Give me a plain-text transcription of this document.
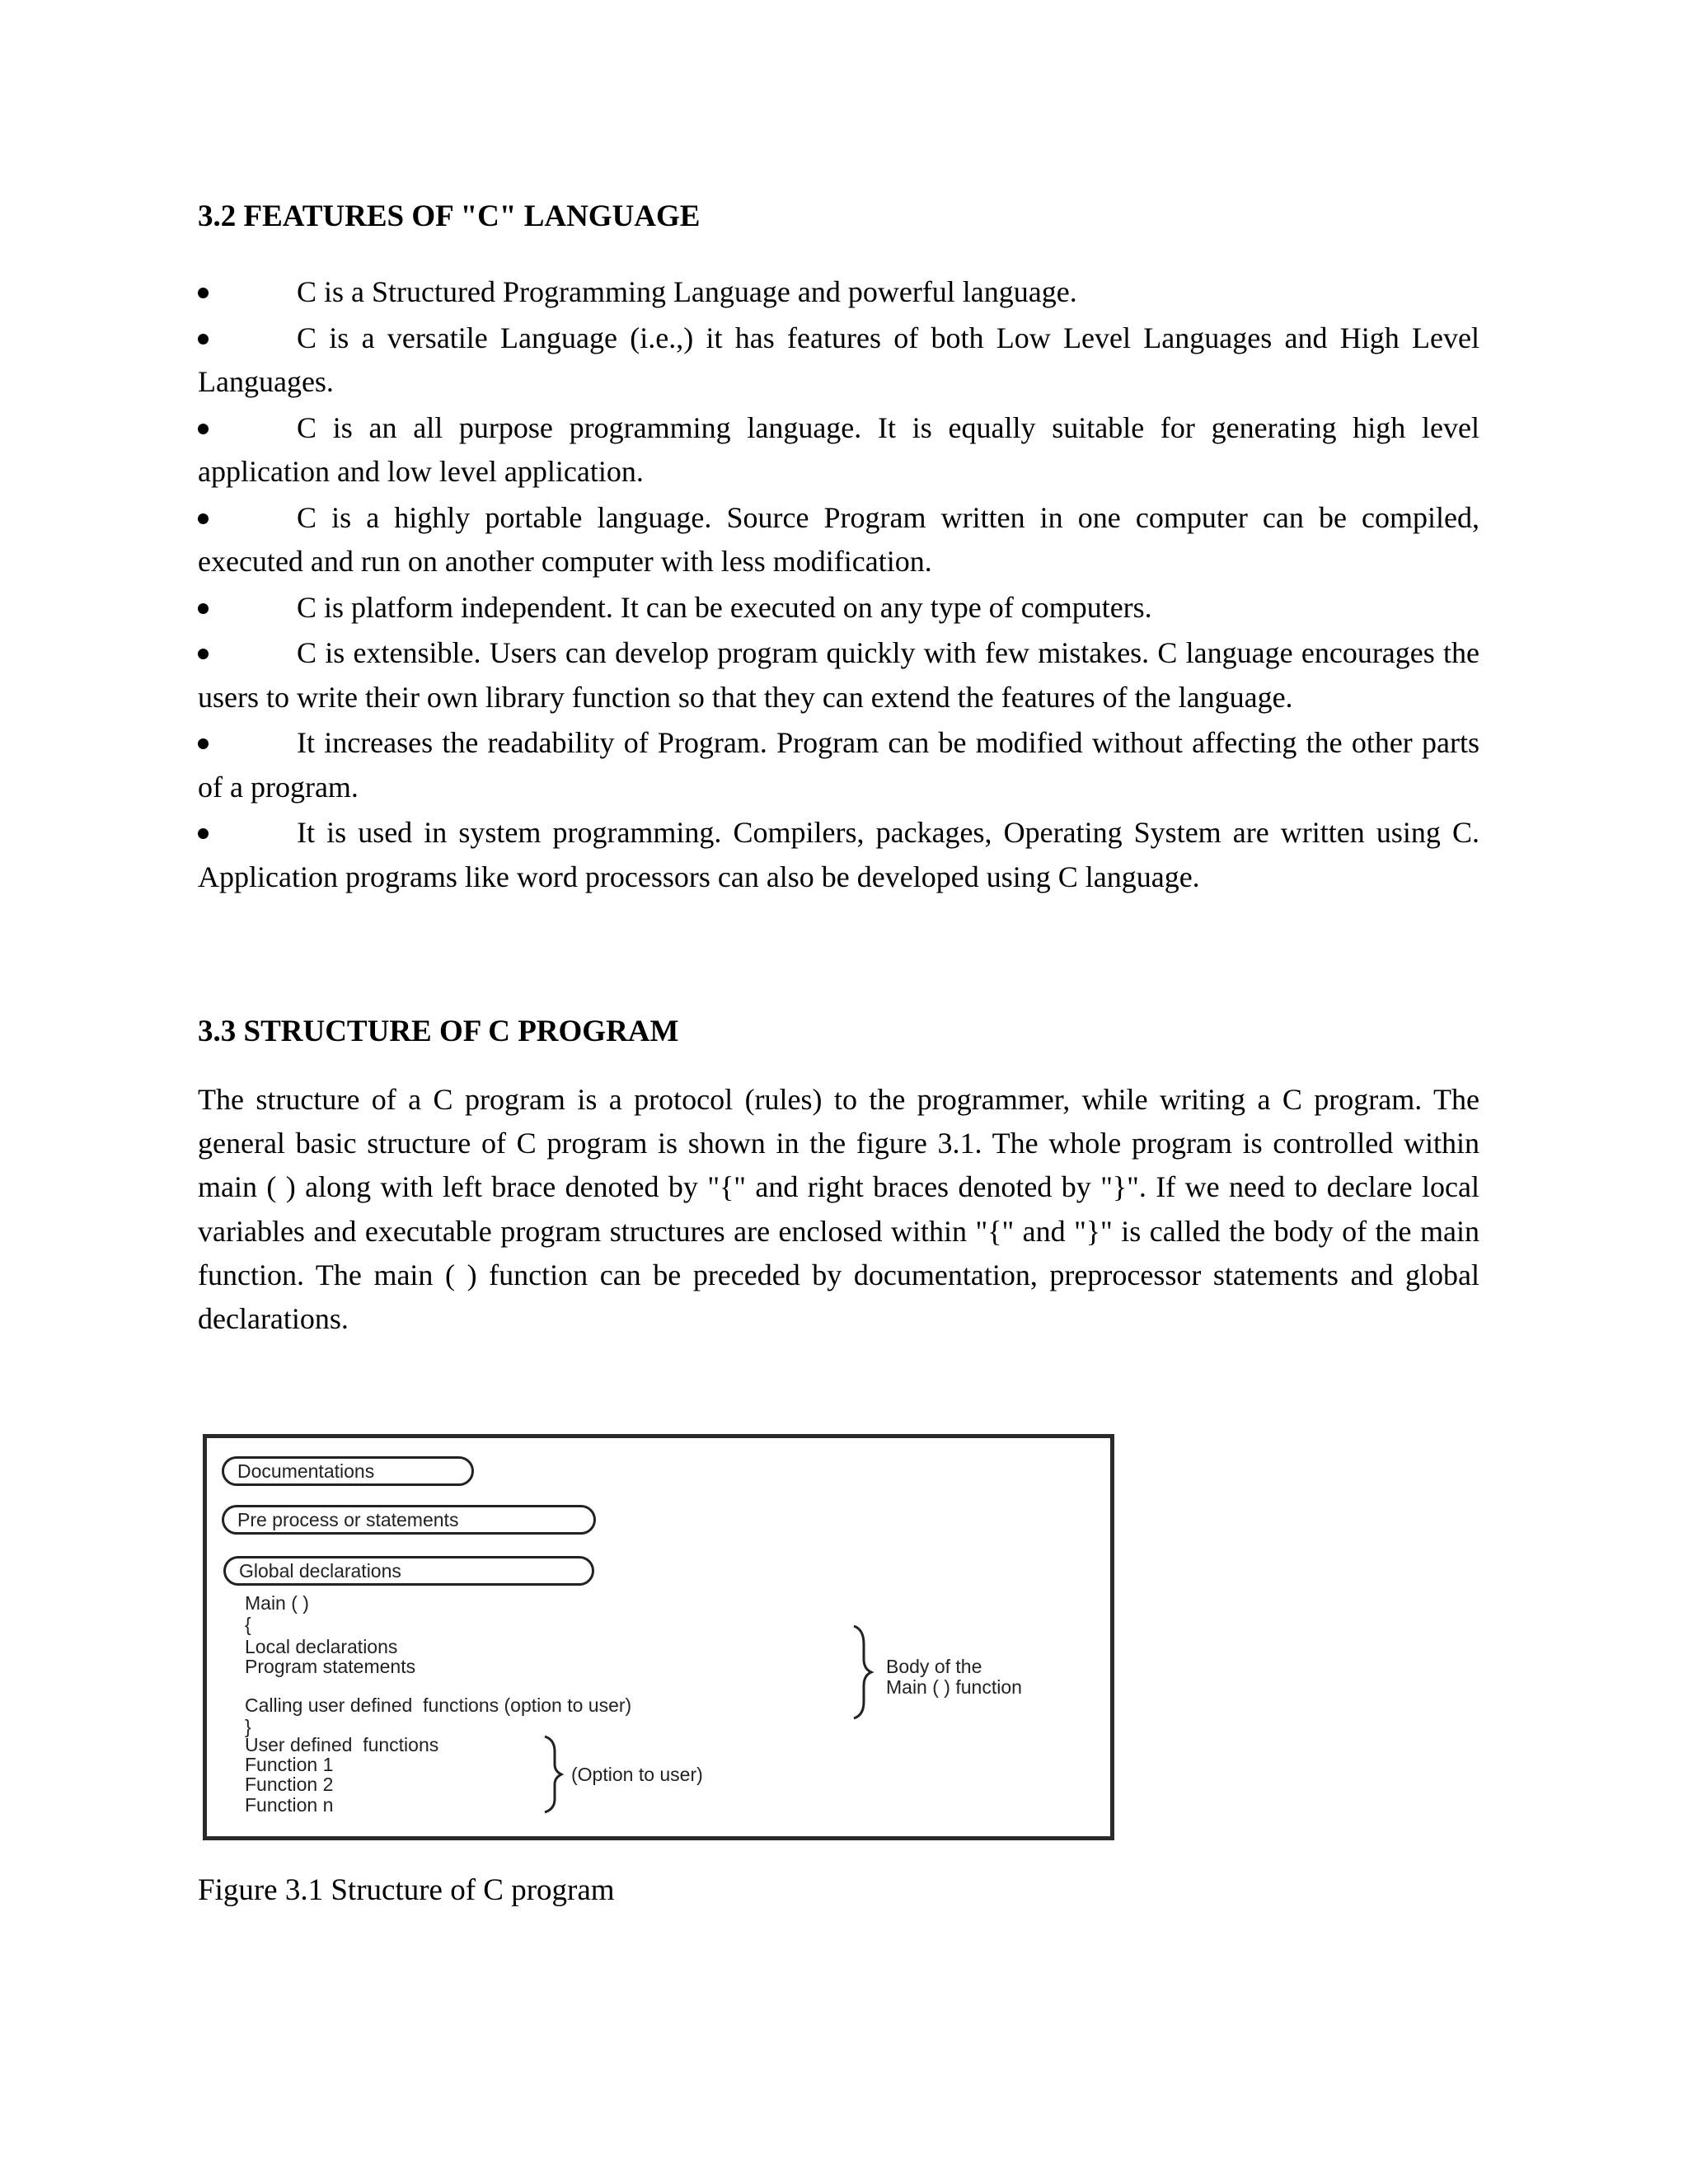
3.2 FEATURES OF "C" LANGUAGE
C is a Structured Programming Language and powerful language.
C is a versatile Language (i.e.,) it has features of both Low Level Languages and High Level Languages.
C is an all purpose programming language. It is equally suitable for generating high level application and low level application.
C is a highly portable language. Source Program written in one computer can be compiled, executed and run on another computer with less modification.
C is platform independent. It can be executed on any type of computers.
C is extensible. Users can develop program quickly with few mistakes. C language encourages the users to write their own library function so that they can extend the features of the language.
It increases the readability of Program. Program can be modified without affecting the other parts of a program.
It is used in system programming. Compilers, packages, Operating System are written using C. Application programs like word processors can also be developed using C language.
3.3 STRUCTURE OF C PROGRAM

The structure of a C program is a protocol (rules) to the programmer, while writing a C program. The general basic structure of C program is shown in the figure 3.1. The whole program is controlled within main ( ) along with left brace denoted by "{" and right braces denoted by "}". If we need to declare local variables and executable program structures are enclosed within "{" and "}" is called the body of the main function. The main ( ) function can be preceded by documentation, preprocessor statements and global declarations.

Documentations
Pre process or statements
Global declarations
Main ( )
{
Local declarations
Program statements
Calling user defined  functions (option to user)
}
User defined  functions
Function 1
Function 2
Function n
Body of the
Main ( ) function
(Option to user)

Figure 3.1 Structure of C program
